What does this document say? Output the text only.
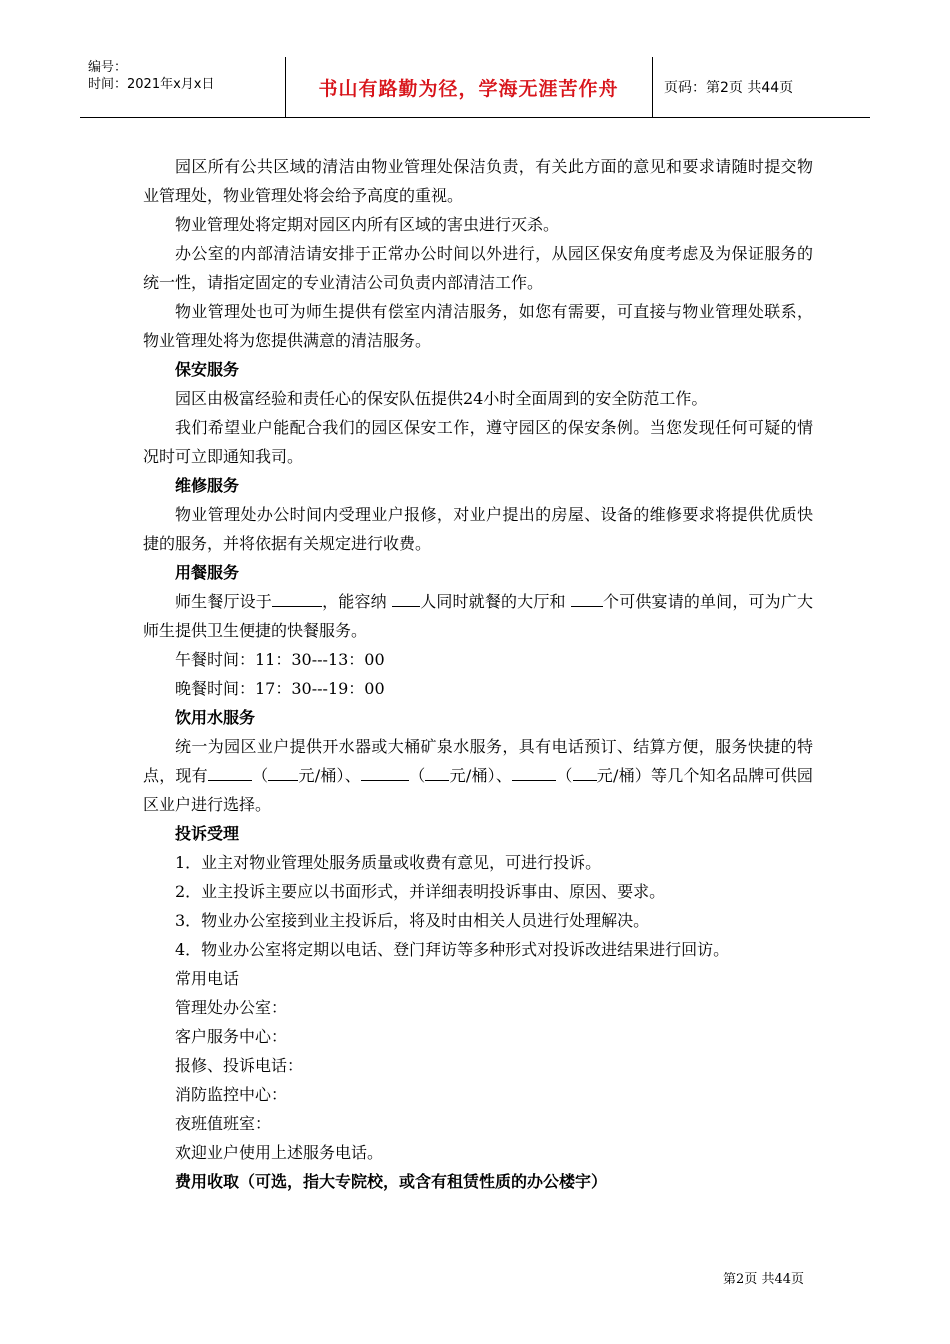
编号：
时间：2021年x月x日	书山有路勤为径，学海无涯苦作舟	页码：第2页 共44页

园区所有公共区域的清洁由物业管理处保洁负责，有关此方面的意见和要求请随时提交物业管理处，物业管理处将会给予高度的重视。

物业管理处将定期对园区内所有区域的害虫进行灭杀。

办公室的内部清洁请安排于正常办公时间以外进行，从园区保安角度考虑及为保证服务的统一性，请指定固定的专业清洁公司负责内部清洁工作。

物业管理处也可为师生提供有偿室内清洁服务，如您有需要，可直接与物业管理处联系，物业管理处将为您提供满意的清洁服务。

保安服务

园区由极富经验和责任心的保安队伍提供24小时全面周到的安全防范工作。

我们希望业户能配合我们的园区保安工作，遵守园区的保安条例。当您发现任何可疑的情况时可立即通知我司。

维修服务

物业管理处办公时间内受理业户报修，对业户提出的房屋、设备的维修要求将提供优质快捷的服务，并将依据有关规定进行收费。

用餐服务

师生餐厅设于	，能容纳 人同时就餐的大厅和 个可供宴请的单间，可为广大师生提供卫生便捷的快餐服务。

午餐时间：11：30---13：00

晚餐时间：17：30---19：00

饮用水服务

统一为园区业户提供开水器或大桶矿泉水服务，具有电话预订、结算方便，服务快捷的特点，现有	（ 元/桶）、	（ 元/桶）、	（ 元/桶）等几个知名品牌可供园区业户进行选择。

投诉受理

1．业主对物业管理处服务质量或收费有意见，可进行投诉。

2．业主投诉主要应以书面形式，并详细表明投诉事由、原因、要求。

3．物业办公室接到业主投诉后，将及时由相关人员进行处理解决。

4．物业办公室将定期以电话、登门拜访等多种形式对投诉改进结果进行回访。

常用电话

管理处办公室：

客户服务中心：

报修、投诉电话：

消防监控中心：

夜班值班室：

欢迎业户使用上述服务电话。

费用收取（可选，指大专院校，或含有租赁性质的办公楼宇）

第2页 共44页
